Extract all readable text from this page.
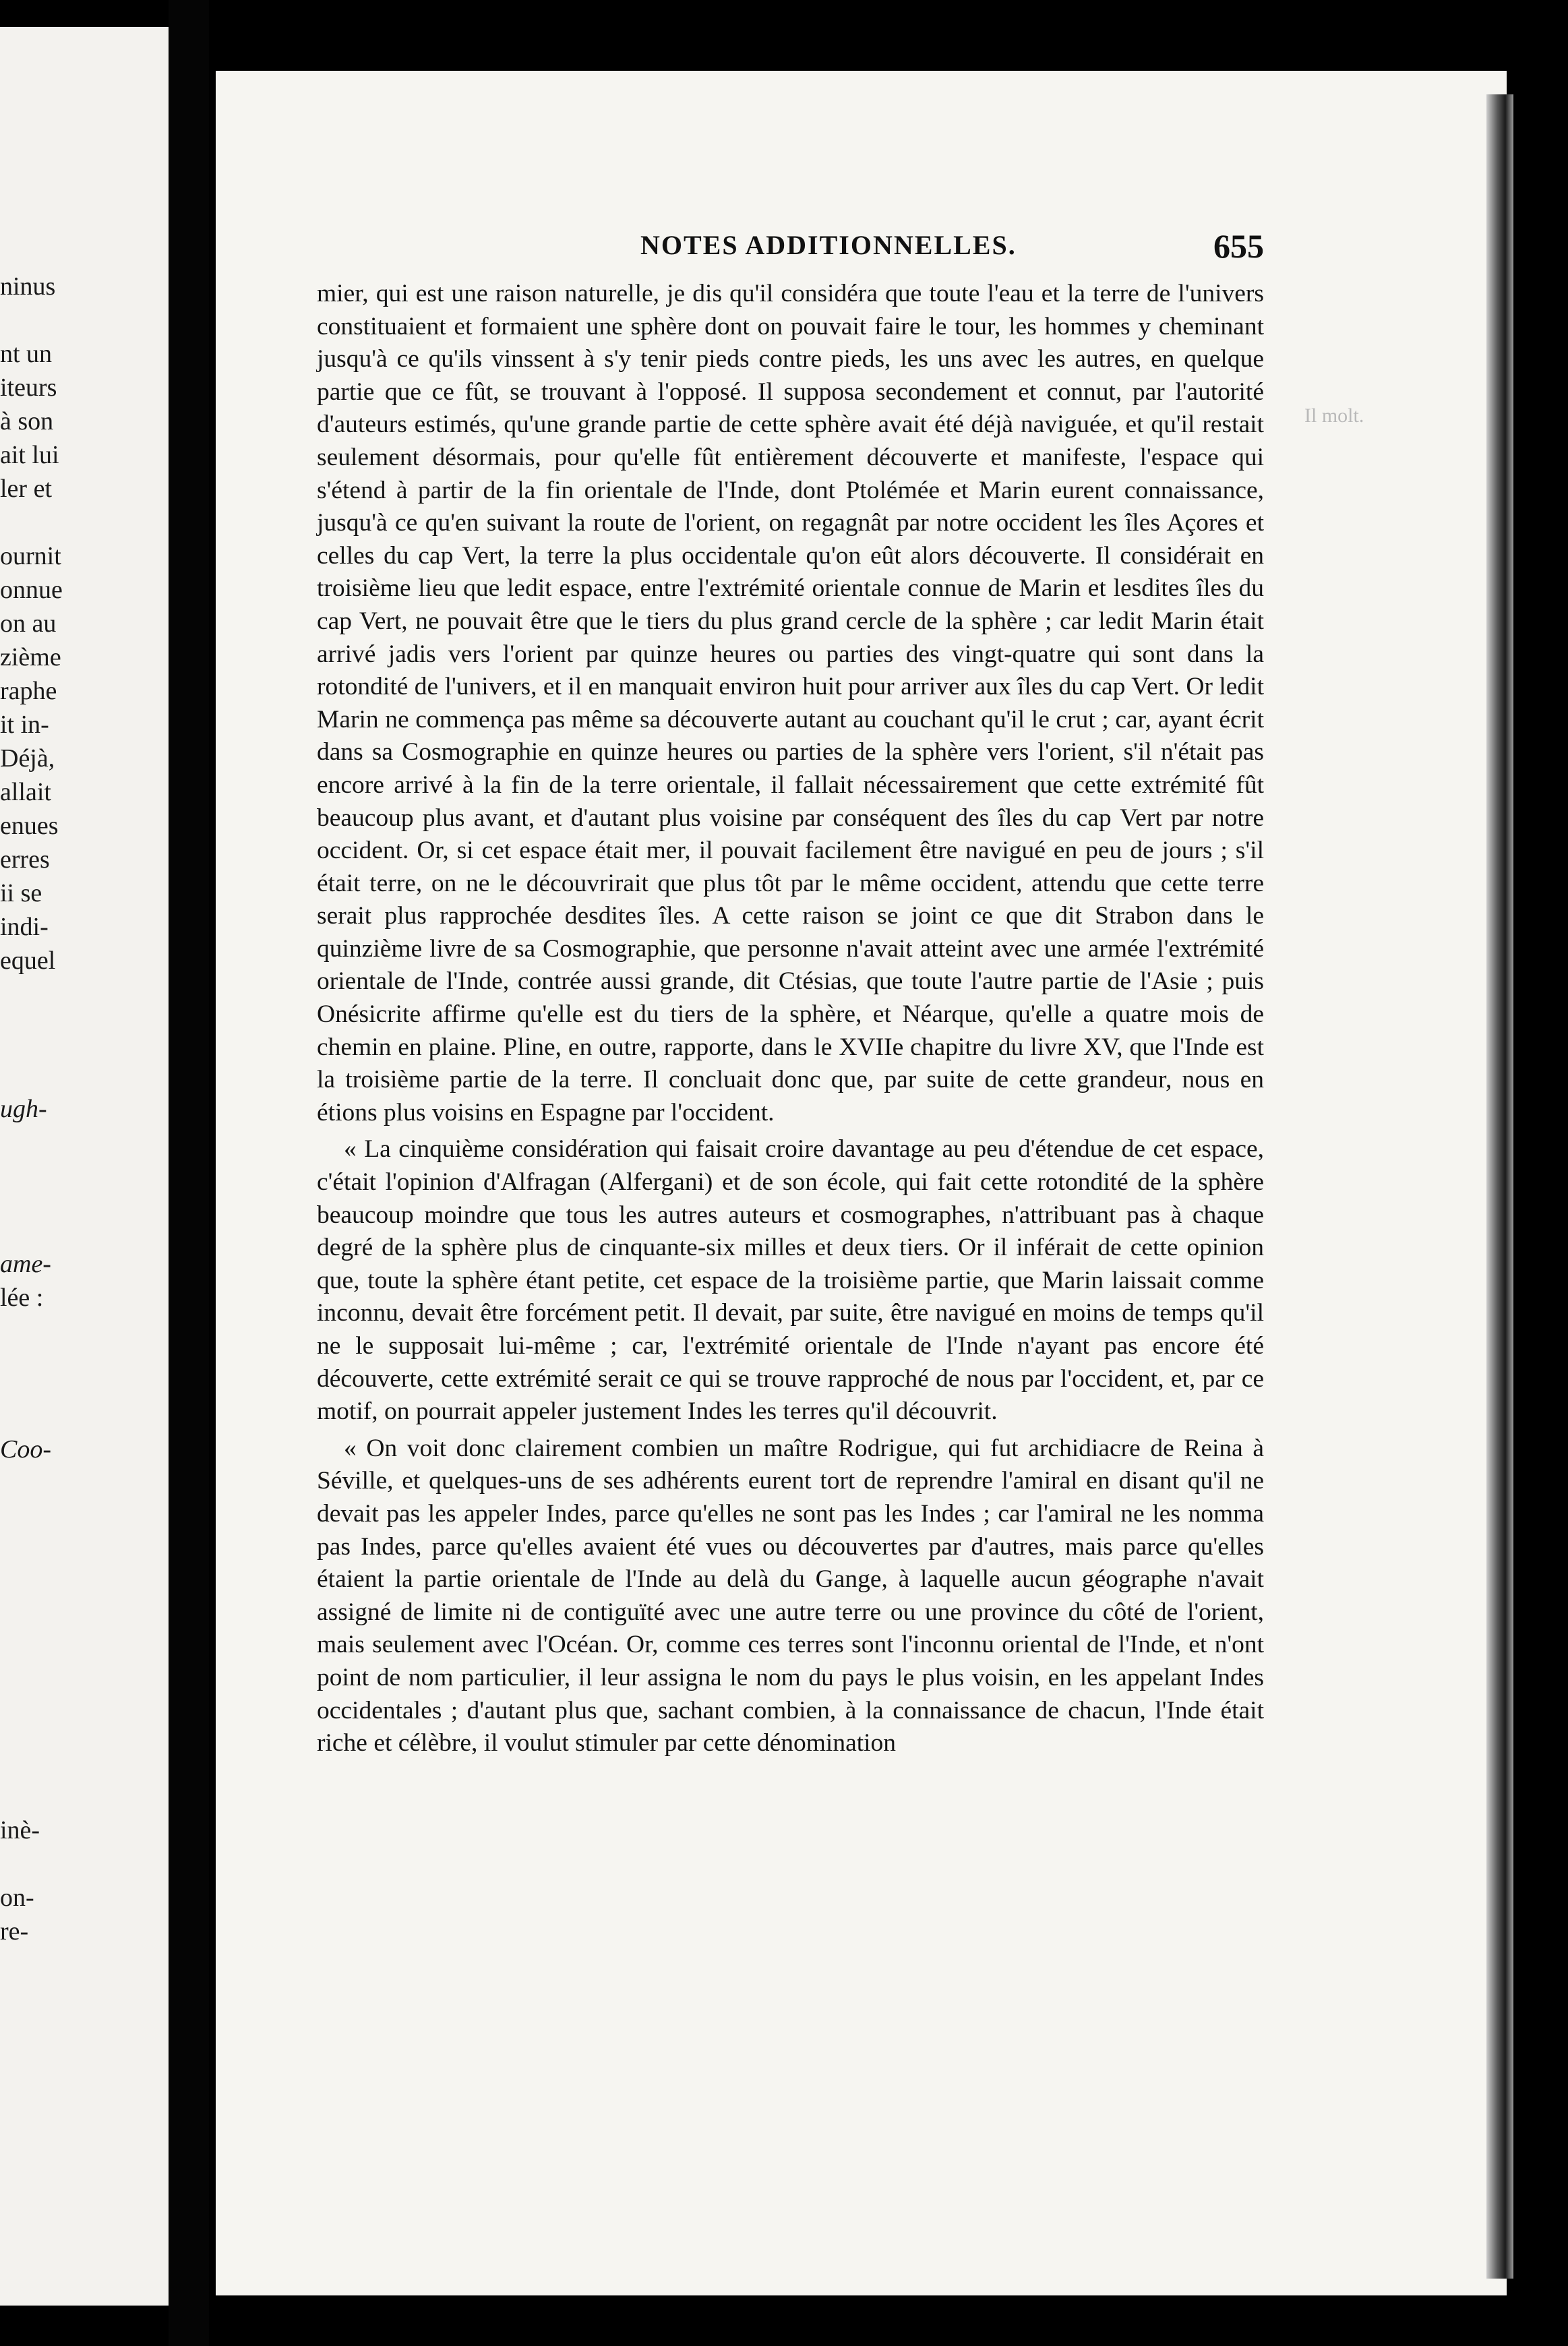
ninus
nt un
iteurs
à son
ait lui
ler et
ournit
onnue
on au
zième
raphe
it in-
Déjà,
allait
enues
erres
ii se
indi-
equel
ugh-
ame-
lée :
Coo-
inè-
on-
re-
NOTES ADDITIONNELLES.	655
Il molt.

mier, qui est une raison naturelle, je dis qu'il considéra que toute l'eau et la terre de l'univers constituaient et formaient une sphère dont on pouvait faire le tour, les hommes y cheminant jusqu'à ce qu'ils vinssent à s'y tenir pieds contre pieds, les uns avec les autres, en quelque partie que ce fût, se trouvant à l'opposé. Il supposa secondement et connut, par l'autorité d'auteurs estimés, qu'une grande partie de cette sphère avait été déjà naviguée, et qu'il restait seulement désormais, pour qu'elle fût entièrement découverte et manifeste, l'espace qui s'étend à partir de la fin orientale de l'Inde, dont Ptolémée et Marin eurent connaissance, jusqu'à ce qu'en suivant la route de l'orient, on regagnât par notre occident les îles Açores et celles du cap Vert, la terre la plus occidentale qu'on eût alors découverte. Il considérait en troisième lieu que ledit espace, entre l'extrémité orientale connue de Marin et lesdites îles du cap Vert, ne pouvait être que le tiers du plus grand cercle de la sphère ; car ledit Marin était arrivé jadis vers l'orient par quinze heures ou parties des vingt-quatre qui sont dans la rotondité de l'univers, et il en manquait environ huit pour arriver aux îles du cap Vert. Or ledit Marin ne commença pas même sa découverte autant au couchant qu'il le crut ; car, ayant écrit dans sa Cosmographie en quinze heures ou parties de la sphère vers l'orient, s'il n'était pas encore arrivé à la fin de la terre orientale, il fallait nécessairement que cette extrémité fût beaucoup plus avant, et d'autant plus voisine par conséquent des îles du cap Vert par notre occident. Or, si cet espace était mer, il pouvait facilement être navigué en peu de jours ; s'il était terre, on ne le découvrirait que plus tôt par le même occident, attendu que cette terre serait plus rapprochée desdites îles. A cette raison se joint ce que dit Strabon dans le quinzième livre de sa Cosmographie, que personne n'avait atteint avec une armée l'extrémité orientale de l'Inde, contrée aussi grande, dit Ctésias, que toute l'autre partie de l'Asie ; puis Onésicrite affirme qu'elle est du tiers de la sphère, et Néarque, qu'elle a quatre mois de chemin en plaine. Pline, en outre, rapporte, dans le XVIIe chapitre du livre XV, que l'Inde est la troisième partie de la terre. Il concluait donc que, par suite de cette grandeur, nous en étions plus voisins en Espagne par l'occident.

« La cinquième considération qui faisait croire davantage au peu d'étendue de cet espace, c'était l'opinion d'Alfragan (Alfergani) et de son école, qui fait cette rotondité de la sphère beaucoup moindre que tous les autres auteurs et cosmographes, n'attribuant pas à chaque degré de la sphère plus de cinquante-six milles et deux tiers. Or il inférait de cette opinion que, toute la sphère étant petite, cet espace de la troisième partie, que Marin laissait comme inconnu, devait être forcément petit. Il devait, par suite, être navigué en moins de temps qu'il ne le supposait lui-même ; car, l'extrémité orientale de l'Inde n'ayant pas encore été découverte, cette extrémité serait ce qui se trouve rapproché de nous par l'occident, et, par ce motif, on pourrait appeler justement Indes les terres qu'il découvrit.

« On voit donc clairement combien un maître Rodrigue, qui fut archidiacre de Reina à Séville, et quelques-uns de ses adhérents eurent tort de reprendre l'amiral en disant qu'il ne devait pas les appeler Indes, parce qu'elles ne sont pas les Indes ; car l'amiral ne les nomma pas Indes, parce qu'elles avaient été vues ou découvertes par d'autres, mais parce qu'elles étaient la partie orientale de l'Inde au delà du Gange, à laquelle aucun géographe n'avait assigné de limite ni de contiguïté avec une autre terre ou une province du côté de l'orient, mais seulement avec l'Océan. Or, comme ces terres sont l'inconnu oriental de l'Inde, et n'ont point de nom particulier, il leur assigna le nom du pays le plus voisin, en les appelant Indes occidentales ; d'autant plus que, sachant combien, à la connaissance de chacun, l'Inde était riche et célèbre, il voulut stimuler par cette dénomination
